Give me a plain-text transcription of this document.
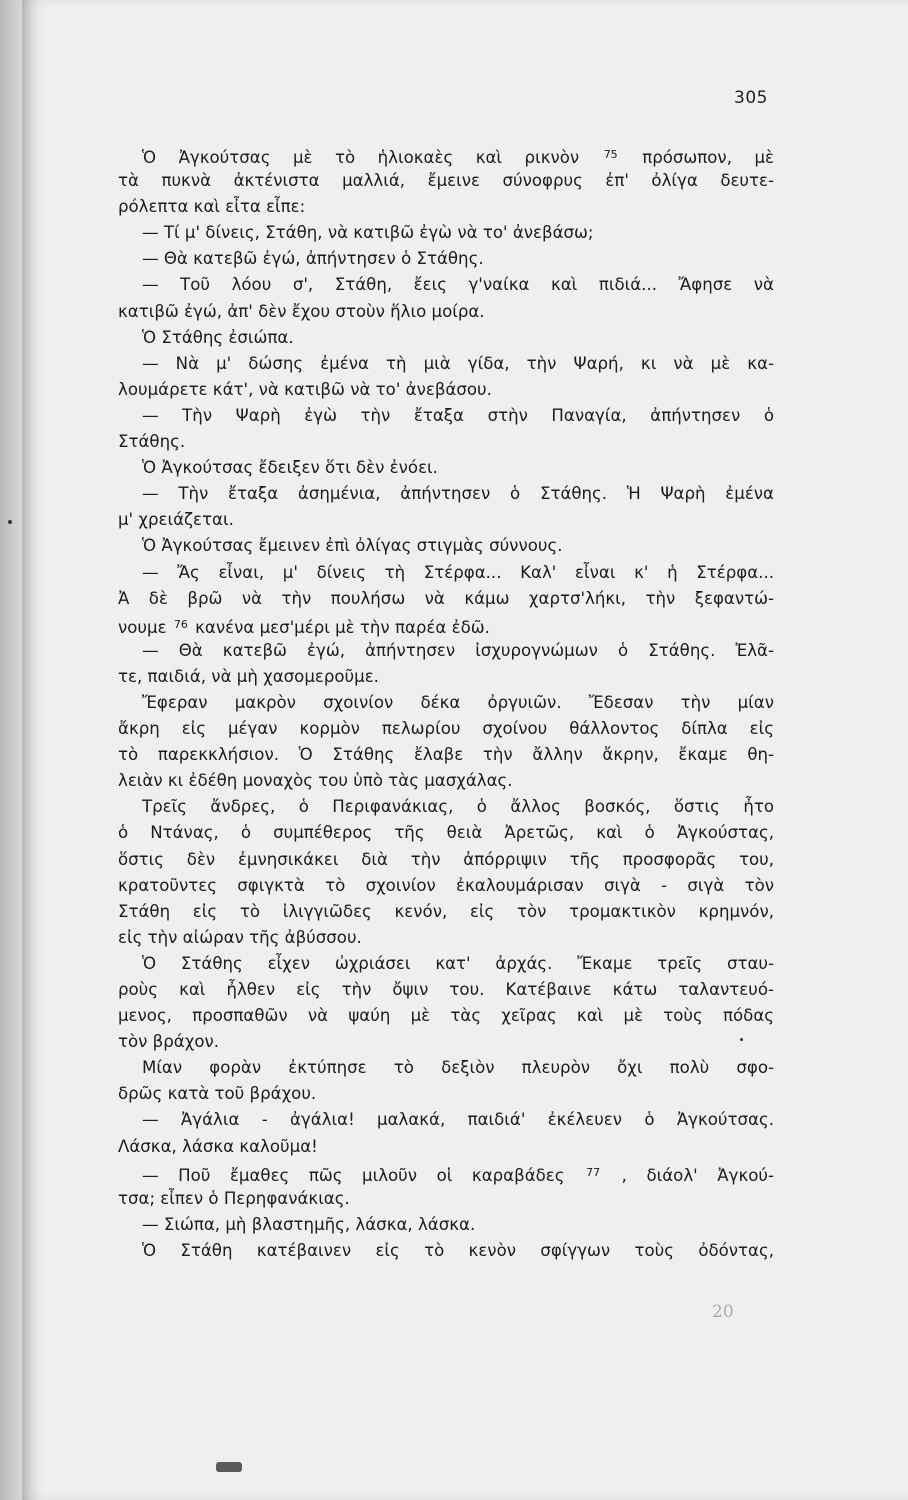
305
Ὁ Ἀγκούτσας μὲ τὸ ἡλιοκαὲς καὶ ρικνὸν $^{75}$ πρόσωπον, μὲ
τὰ πυκνὰ ἀκτένιστα μαλλιά, ἔμεινε σύνοφρυς ἐπ' ὀλίγα δευτε-
ρόλεπτα καὶ εἶτα εἶπε:
— Τί μ' δίνεις, Στάθη, νὰ κατιβῶ ἐγὼ νὰ το' ἀνεβάσω;
— Θὰ κατεβῶ ἐγώ, ἀπήντησεν ὁ Στάθης.
— Τοῦ λόου σ', Στάθη, ἔεις γ'ναίκα καὶ πιδιά... Ἄφησε νὰ
κατιβῶ ἐγώ, ἀπ' δὲν ἔχου στοὺν ἥλιο μοίρα.
Ὁ Στάθης ἐσιώπα.
— Νὰ μ' δώσης ἐμένα τὴ μιὰ γίδα, τὴν Ψαρή, κι νὰ μὲ κα-
λουμάρετε κάτ', νὰ κατιβῶ νὰ το' ἀνεβάσου.
— Τὴν Ψαρὴ ἐγὼ τὴν ἔταξα στὴν Παναγία, ἀπήντησεν ὁ
Στάθης.
Ὁ Ἀγκούτσας ἔδειξεν ὅτι δὲν ἐνόει.
— Τὴν ἔταξα ἀσημένια, ἀπήντησεν ὁ Στάθης. Ἡ Ψαρὴ ἐμένα
μ' χρειάζεται.
Ὁ Ἀγκούτσας ἔμεινεν ἐπὶ ὀλίγας στιγμὰς σύννους.
— Ἄς εἶναι, μ' δίνεις τὴ Στέρφα... Καλ' εἶναι κ' ἡ Στέρφα...
Ἀ δὲ βρῶ νὰ τὴν πουλήσω νὰ κάμω χαρτσ'λήκι, τὴν ξεφαντώ-
νουμε $^{76}$ κανένα μεσ'μέρι μὲ τὴν παρέα ἐδῶ.
— Θὰ κατεβῶ ἐγώ, ἀπήντησεν ἰσχυρογνώμων ὁ Στάθης. Ἐλᾶ-
τε, παιδιά, νὰ μὴ χασομεροῦμε.
Ἔφεραν μακρὸν σχοινίον δέκα ὀργυιῶν. Ἔδεσαν τὴν μίαν
ἄκρη εἰς μέγαν κορμὸν πελωρίου σχοίνου θάλλοντος δίπλα εἰς
τὸ παρεκκλήσιον. Ὁ Στάθης ἔλαβε τὴν ἄλλην ἄκρην, ἔκαμε θη-
λειὰν κι ἐδέθη μοναχὸς του ὑπὸ τὰς μασχάλας.
Τρεῖς ἄνδρες, ὁ Περιφανάκιας, ὁ ἄλλος βοσκός, ὅστις ἦτο
ὁ Ντάνας, ὁ συμπέθερος τῆς θειὰ Ἀρετῶς, καὶ ὁ Ἀγκούστας,
ὅστις δὲν ἐμνησικάκει διὰ τὴν ἀπόρριψιν τῆς προσφορᾶς του,
κρατοῦντες σφιγκτὰ τὸ σχοινίον ἐκαλουμάρισαν σιγὰ - σιγὰ τὸν
Στάθη εἰς τὸ ἰλιγγιῶδες κενόν, εἰς τὸν τρομακτικὸν κρημνόν,
εἰς τὴν αἰώραν τῆς ἀβύσσου.
Ὁ Στάθης εἶχεν ὠχριάσει κατ' ἀρχάς. Ἔκαμε τρεῖς σταυ-
ροὺς καὶ ἦλθεν εἰς τὴν ὄψιν του. Κατέβαινε κάτω ταλαντευό-
μενος, προσπαθῶν νὰ ψαύη μὲ τὰς χεῖρας καὶ μὲ τοὺς πόδας
τὸν βράχον.
Μίαν φορὰν ἐκτύπησε τὸ δεξιὸν πλευρὸν ὄχι πολὺ σφο-
δρῶς κατὰ τοῦ βράχου.
— Ἀγάλια - ἀγάλια! μαλακά, παιδιά' ἐκέλευεν ὁ Ἀγκούτσας.
Λάσκα, λάσκα καλοῦμα!
— Ποῦ ἔμαθες πῶς μιλοῦν οἱ καραβάδες $^{77}$ , διάολ' Ἀγκού-
τσα; εἶπεν ὁ Περηφανάκιας.
— Σιώπα, μὴ βλαστημῆς, λάσκα, λάσκα.
Ὁ Στάθη κατέβαινεν εἰς τὸ κενὸν σφίγγων τοὺς ὀδόντας,
20
